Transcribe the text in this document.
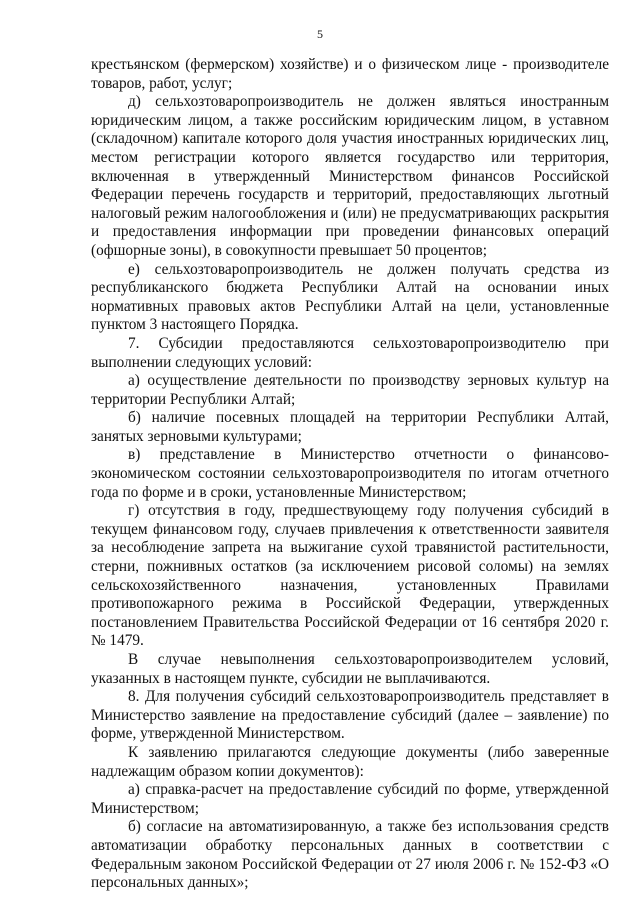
5

крестьянском (фермерском) хозяйстве) и о физическом лице - производителе товаров, работ, услуг;

д) сельхозтоваропроизводитель не должен являться иностранным юридическим лицом, а также российским юридическим лицом, в уставном (складочном) капитале которого доля участия иностранных юридических лиц, местом регистрации которого является государство или территория, включенная в утвержденный Министерством финансов Российской Федерации перечень государств и территорий, предоставляющих льготный налоговый режим налогообложения и (или) не предусматривающих раскрытия и предоставления информации при проведении финансовых операций (офшорные зоны), в совокупности превышает 50 процентов;

е) сельхозтоваропроизводитель не должен получать средства из республиканского бюджета Республики Алтай на основании иных нормативных правовых актов Республики Алтай на цели, установленные пунктом 3 настоящего Порядка.

7. Субсидии предоставляются сельхозтоваропроизводителю при выполнении следующих условий:

а) осуществление деятельности по производству зерновых культур на территории Республики Алтай;

б) наличие посевных площадей на территории Республики Алтай, занятых зерновыми культурами;

в) представление в Министерство отчетности о финансово-экономическом состоянии сельхозтоваропроизводителя по итогам отчетного года по форме и в сроки, установленные Министерством;

г) отсутствия в году, предшествующему году получения субсидий в текущем финансовом году, случаев привлечения к ответственности заявителя за несоблюдение запрета на выжигание сухой травянистой растительности, стерни, пожнивных остатков (за исключением рисовой соломы) на землях сельскохозяйственного назначения, установленных Правилами противопожарного режима в Российской Федерации, утвержденных постановлением Правительства Российской Федерации от 16 сентября 2020 г. № 1479.

В случае невыполнения сельхозтоваропроизводителем условий, указанных в настоящем пункте, субсидии не выплачиваются.

8. Для получения субсидий сельхозтоваропроизводитель представляет в Министерство заявление на предоставление субсидий (далее – заявление) по форме, утвержденной Министерством.

К заявлению прилагаются следующие документы (либо заверенные надлежащим образом копии документов):

а) справка-расчет на предоставление субсидий по форме, утвержденной Министерством;

б) согласие на автоматизированную, а также без использования средств автоматизации обработку персональных данных в соответствии с Федеральным законом Российской Федерации от 27 июля 2006 г. № 152-ФЗ «О персональных данных»;
